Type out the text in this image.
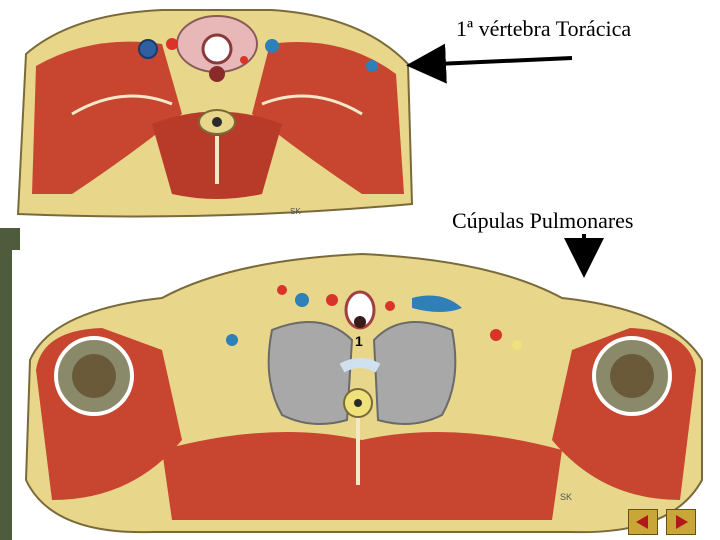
SK
1
SK
1ª vértebra Torácica
Cúpulas Pulmonares
